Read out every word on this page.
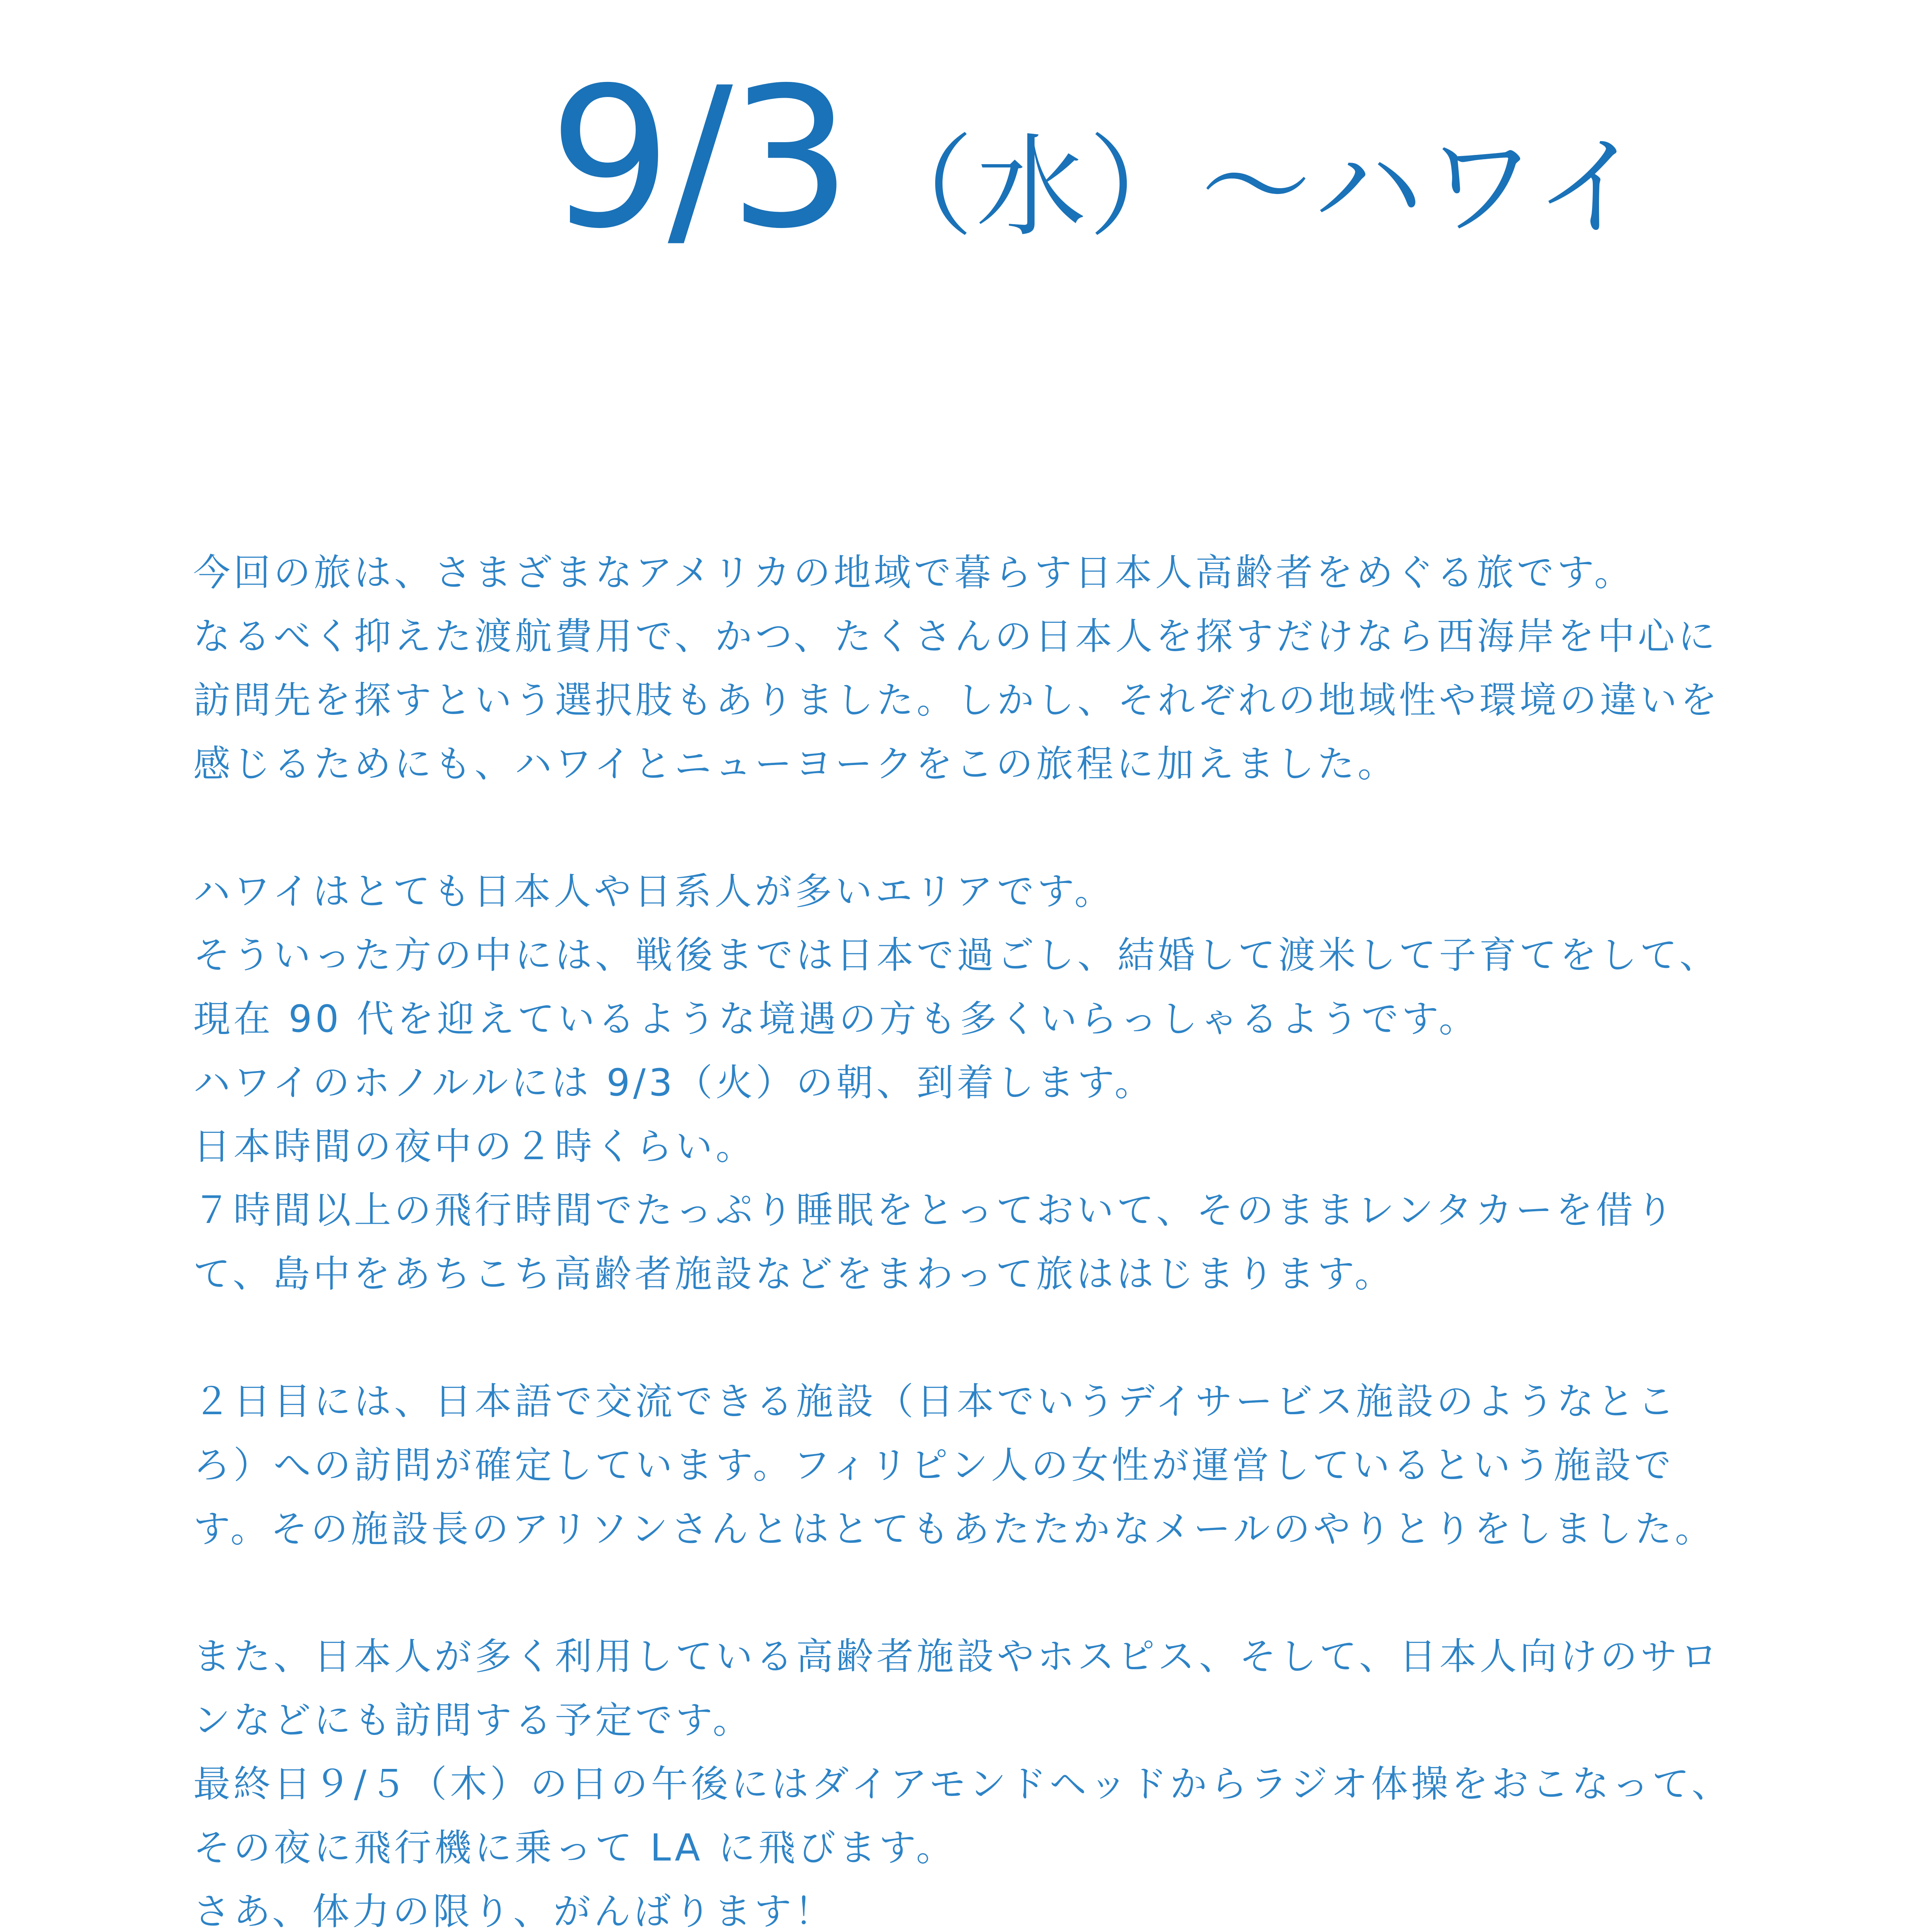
9/3 （水）〜ハワイ

今回の旅は、さまざまなアメリカの地域で暮らす日本人高齢者をめぐる旅です。
なるべく抑えた渡航費用で、かつ、たくさんの日本人を探すだけなら西海岸を中心に訪問先を探すという選択肢もありました。しかし、それぞれの地域性や環境の違いを感じるためにも、ハワイとニューヨークをこの旅程に加えました。

ハワイはとても日本人や日系人が多いエリアです。
そういった方の中には、戦後までは日本で過ごし、結婚して渡米して子育てをして、現在 90 代を迎えているような境遇の方も多くいらっしゃるようです。
ハワイのホノルルには 9/3（火）の朝、到着します。
日本時間の夜中の２時くらい。
７時間以上の飛行時間でたっぷり睡眠をとっておいて、そのままレンタカーを借りて、島中をあちこち高齢者施設などをまわって旅ははじまります。

２日目には、日本語で交流できる施設（日本でいうデイサービス施設のようなところ）への訪問が確定しています。フィリピン人の女性が運営しているという施設です。その施設長のアリソンさんとはとてもあたたかなメールのやりとりをしました。

また、日本人が多く利用している高齢者施設やホスピス、そして、日本人向けのサロンなどにも訪問する予定です。
最終日９/５（木）の日の午後にはダイアモンドヘッドからラジオ体操をおこなって、その夜に飛行機に乗って LA に飛びます。
さあ、体力の限り、がんばります！
